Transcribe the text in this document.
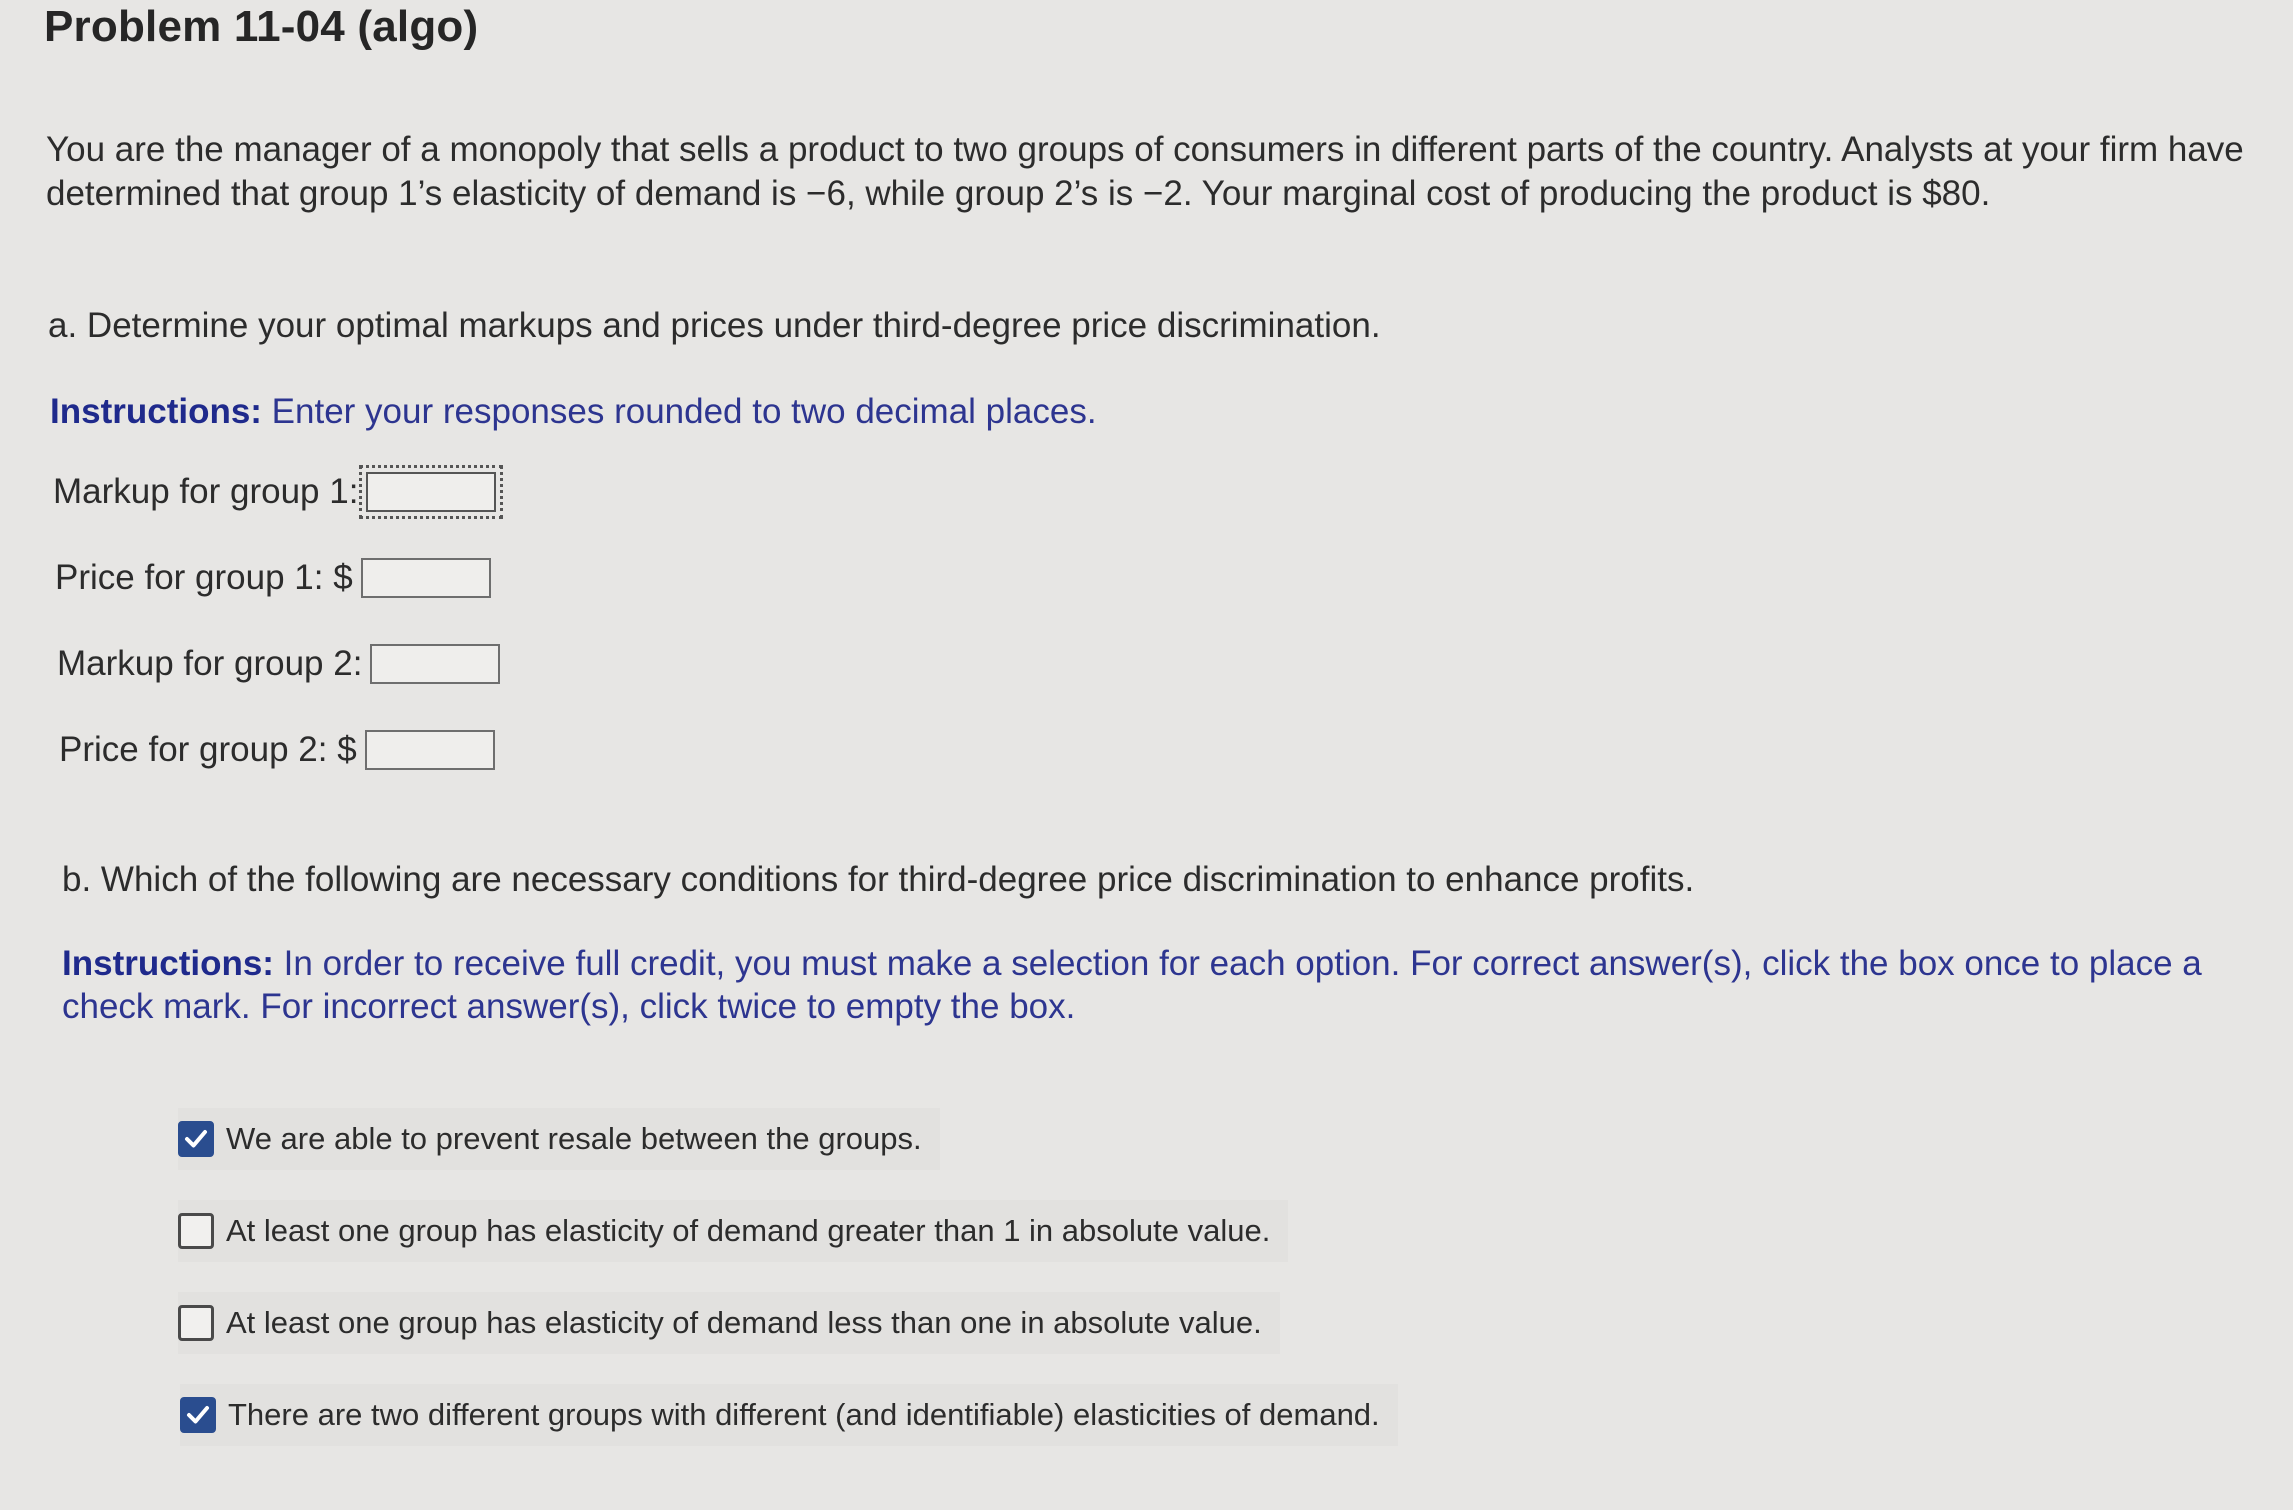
Problem 11-04 (algo)
You are the manager of a monopoly that sells a product to two groups of consumers in different parts of the country. Analysts at your firm have determined that group 1’s elasticity of demand is −6, while group 2’s is −2. Your marginal cost of producing the product is $80.
a. Determine your optimal markups and prices under third-degree price discrimination.
Instructions: Enter your responses rounded to two decimal places.
Markup for group 1:
Price for group 1: $
Markup for group 2:
Price for group 2: $
b. Which of the following are necessary conditions for third-degree price discrimination to enhance profits.
Instructions: In order to receive full credit, you must make a selection for each option. For correct answer(s), click the box once to place a check mark. For incorrect answer(s), click twice to empty the box.
We are able to prevent resale between the groups.
At least one group has elasticity of demand greater than 1 in absolute value.
At least one group has elasticity of demand less than one in absolute value.
There are two different groups with different (and identifiable) elasticities of demand.
